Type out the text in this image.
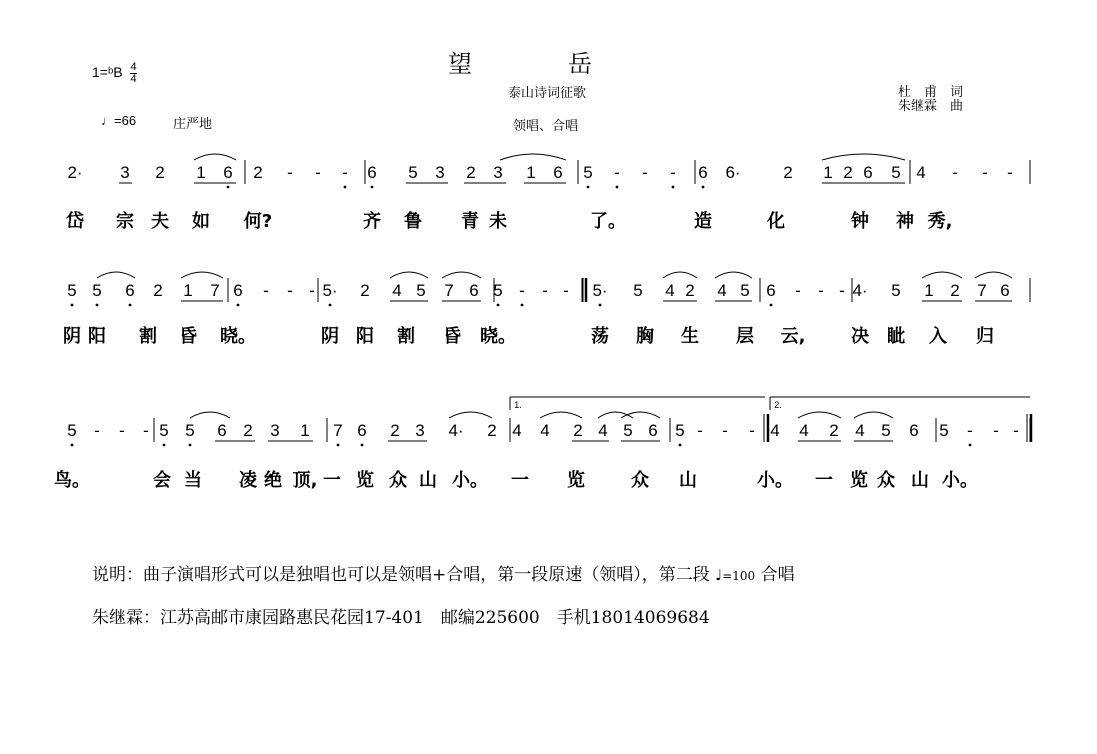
1=ᵇB $\frac{4}{4}$	望　　　　岳
泰山诗词征歌
领唱、合唱
♩=66	庄严地
杜　甫　词
朱继霖　曲
2· 3 2 1 6 2 - - - 6 5 3 2 3 1 6 5 - - - 6 6·	2 1 2 6 5 4 - - -
岱 宗 夫 如 何?	齐 鲁 青 未	了。	造	化	钟 神 秀,
5 5 6 2 1 7 6 - - - 5· 2 4 5 7 6 5 - - - 5· 5 4 2 4 5 6 - - - 4· 5 1 2 7 6
阴 阳 割 昏 晓。	阴 阳 割 昏 晓。	荡 胸 生 层 云,	决 眦 入 归
5 - - - 5 5 6 2 3 1 7 6 2 3 4· 2 4 4 2 4 5 6 5 - - - 4 4 2 4 5 6 5 - - -
鸟。	会 当 凌 绝 顶, 一 览 众 山 小。 一 览	众 山	小。 一 览 众 山 小。
1.	2.
说明：曲子演唱形式可以是独唱也可以是领唱+合唱，第一段原速（领唱），第二段 ♩=100 合唱
朱继霖：江苏高邮市康园路惠民花园17-401　邮编225600　手机18014069684
